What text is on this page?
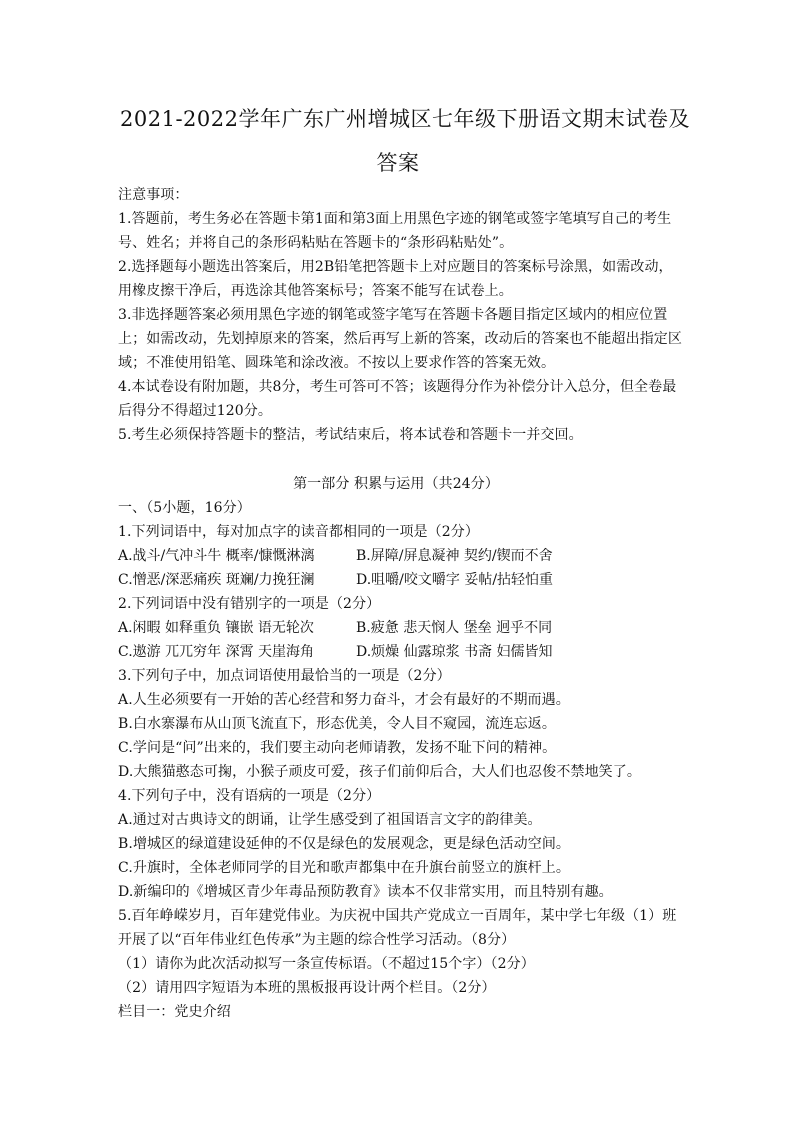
2021-2022学年广东广州增城区七年级下册语文期末试卷及
答案
注意事项：
1.答题前，考生务必在答题卡第1面和第3面上用黑色字迹的钢笔或签字笔填写自己的考生
号、姓名；并将自己的条形码粘贴在答题卡的“条形码粘贴处”。
2.选择题每小题选出答案后，用2B铅笔把答题卡上对应题目的答案标号涂黑，如需改动，
用橡皮擦干净后，再选涂其他答案标号；答案不能写在试卷上。
3.非选择题答案必须用黑色字迹的钢笔或签字笔写在答题卡各题目指定区域内的相应位置
上；如需改动，先划掉原来的答案，然后再写上新的答案，改动后的答案也不能超出指定区
域；不准使用铅笔、圆珠笔和涂改液。不按以上要求作答的答案无效。
4.本试卷设有附加题，共8分，考生可答可不答；该题得分作为补偿分计入总分，但全卷最
后得分不得超过120分。
5.考生必须保持答题卡的整洁，考试结束后，将本试卷和答题卡一并交回。
第一部分 积累与运用（共24分）
一、（5小题，16分）
1.下列词语中，每对加点字的读音都相同的一项是（2分）
A.战斗/气冲斗牛 概率/慷慨淋漓	B.屏障/屏息凝神 契约/锲而不舍
C.憎恶/深恶痛疾 斑斓/力挽狂澜	D.咀嚼/咬文嚼字 妥帖/拈轻怕重
2.下列词语中没有错别字的一项是（2分）
A.闲暇 如释重负 镶嵌 语无轮次	B.疲惫 悲天悯人 堡垒 迥乎不同
C.遨游 兀兀穷年 深霄 天崖海角	D.烦燥 仙露琼浆 书斋 妇儒皆知
3.下列句子中，加点词语使用最恰当的一项是（2分）
A.人生必须要有一开始的苦心经营和努力奋斗，才会有最好的不期而遇。
B.白水寨瀑布从山顶飞流直下，形态优美，令人目不窥园，流连忘返。
C.学问是“问”出来的，我们要主动向老师请教，发扬不耻下问的精神。
D.大熊猫憨态可掬，小猴子顽皮可爱，孩子们前仰后合，大人们也忍俊不禁地笑了。
4.下列句子中，没有语病的一项是（2分）
A.通过对古典诗文的朗诵，让学生感受到了祖国语言文字的韵律美。
B.增城区的绿道建设延伸的不仅是绿色的发展观念，更是绿色活动空间。
C.升旗时，全体老师同学的目光和歌声都集中在升旗台前竖立的旗杆上。
D.新编印的《增城区青少年毒品预防教育》读本不仅非常实用，而且特别有趣。
5.百年峥嵘岁月，百年建党伟业。为庆祝中国共产党成立一百周年，某中学七年级（1）班
开展了以“百年伟业红色传承”为主题的综合性学习活动。（8分）
（1）请你为此次活动拟写一条宣传标语。（不超过15个字）（2分）
（2）请用四字短语为本班的黑板报再设计两个栏目。（2分）
栏目一：党史介绍
